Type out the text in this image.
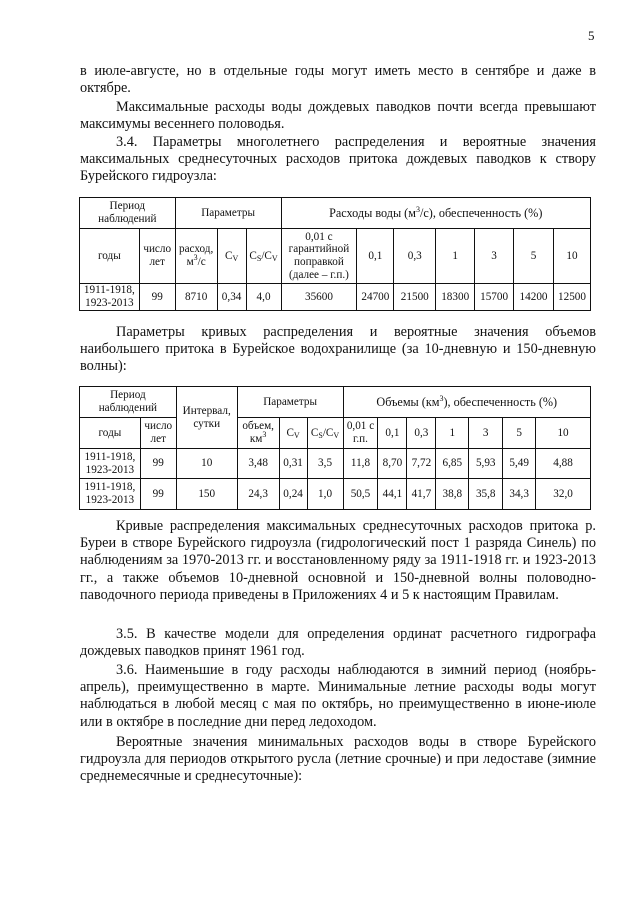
5

в июле-августе, но в отдельные годы могут иметь место в сентябре и даже в октябре.

Максимальные расходы воды дождевых паводков почти всегда превышают максимумы весеннего половодья.

3.4. Параметры многолетнего распределения и вероятные значения максимальных среднесуточных расходов притока дождевых паводков к створу Бурейского гидроузла:

Период наблюдений		Параметры			Расходы воды $(м^3/с)$, обеспеченность (%)						
годы	число лет	расход, $м^3/с$	$C_V$	$C_S/C_V$	0,01 с гарантийной поправкой (далее – г.п.)	0,1	0,3	1	3	5	10
1911-1918, 1923-2013	99	8710	0,34	4,0	35600	24700	21500	18300	15700	14200	12500

Параметры кривых распределения и вероятные значения объемов наибольшего притока в Бурейское водохранилище (за 10-дневную и 150-дневную волны):

Период наблюдений		Интервал, сутки	Параметры			Объемы $(км^3)$, обеспеченность (%)						
годы	число лет		объем, $км^3$	$C_V$	$C_S/C_V$	0,01 с г.п.	0,1	0,3	1	3	5	10
1911-1918, 1923-2013	99	10	3,48	0,31	3,5	11,8	8,70	7,72	6,85	5,93	5,49	4,88
1911-1918, 1923-2013	99	150	24,3	0,24	1,0	50,5	44,1	41,7	38,8	35,8	34,3	32,0

Кривые распределения максимальных среднесуточных расходов притока р. Буреи в створе Бурейского гидроузла (гидрологический пост 1 разряда Синель) по наблюдениям за 1970-2013 гг. и восстановленному ряду за 1911-1918 гг. и 1923-2013 гг., а также объемов 10-дневной основной и 150-дневной волны половодно-паводочного периода приведены в Приложениях 4 и 5 к настоящим Правилам.

3.5. В качестве модели для определения ординат расчетного гидрографа дождевых паводков принят 1961 год.

3.6. Наименьшие в году расходы наблюдаются в зимний период (ноябрь-апрель), преимущественно в марте. Минимальные летние расходы воды могут наблюдаться в любой месяц с мая по октябрь, но преимущественно в июне-июле или в октябре в последние дни перед ледоходом.

Вероятные значения минимальных расходов воды в створе Бурейского гидроузла для периодов открытого русла (летние срочные) и при ледоставе (зимние среднемесячные и среднесуточные):
